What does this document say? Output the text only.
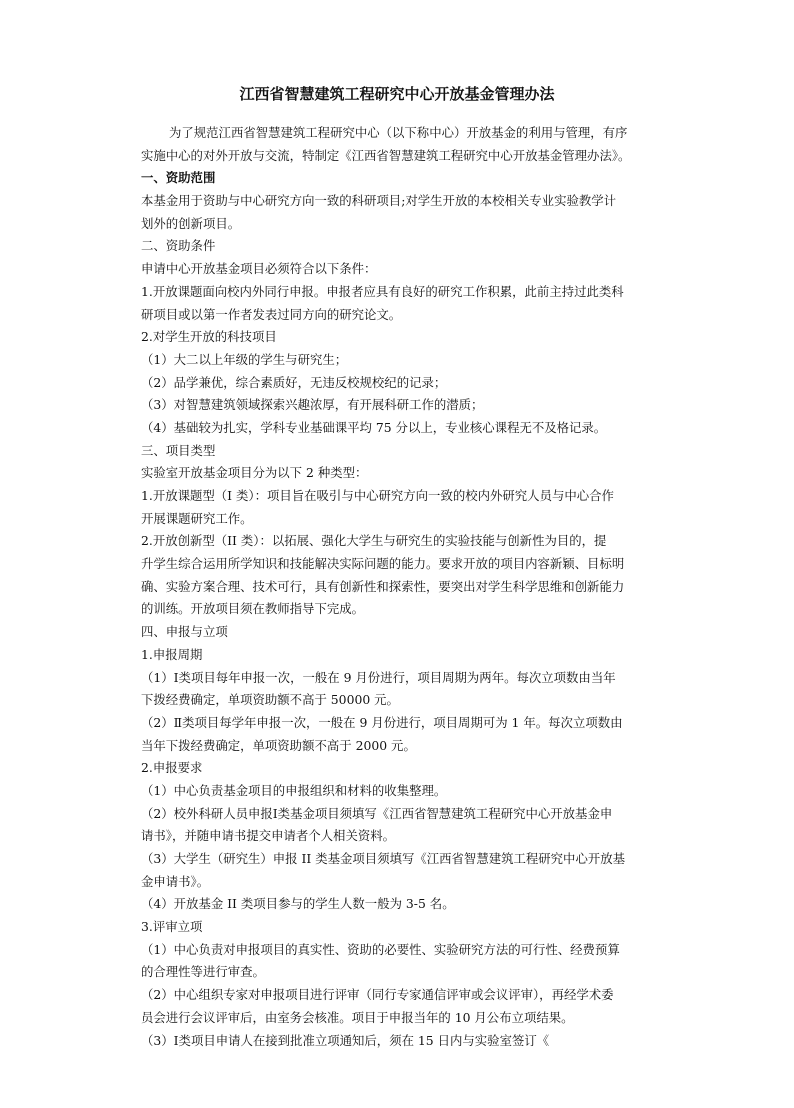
江西省智慧建筑工程研究中心开放基金管理办法
为了规范江西省智慧建筑工程研究中心（以下称中心）开放基金的利用与管理，有序
实施中心的对外开放与交流，特制定《江西省智慧建筑工程研究中心开放基金管理办法》。
一、资助范围
本基金用于资助与中心研究方向一致的科研项目;对学生开放的本校相关专业实验教学计
划外的创新项目。
二、资助条件
申请中心开放基金项目必须符合以下条件：
1.开放课题面向校内外同行申报。申报者应具有良好的研究工作积累，此前主持过此类科
研项目或以第一作者发表过同方向的研究论文。
2.对学生开放的科技项目
（1）大二以上年级的学生与研究生；
（2）品学兼优，综合素质好，无违反校规校纪的记录；
（3）对智慧建筑领域探索兴趣浓厚，有开展科研工作的潜质；
（4）基础较为扎实，学科专业基础课平均 75 分以上，专业核心课程无不及格记录。
三、项目类型
实验室开放基金项目分为以下 2 种类型：
1.开放课题型（I 类）：项目旨在吸引与中心研究方向一致的校内外研究人员与中心合作
开展课题研究工作。
2.开放创新型（II 类）：以拓展、强化大学生与研究生的实验技能与创新性为目的，提
升学生综合运用所学知识和技能解决实际问题的能力。要求开放的项目内容新颖、目标明
确、实验方案合理、技术可行，具有创新性和探索性，要突出对学生科学思维和创新能力
的训练。开放项目须在教师指导下完成。
四、申报与立项
1.申报周期
（1）Ⅰ类项目每年申报一次，一般在 9 月份进行，项目周期为两年。每次立项数由当年
下拨经费确定，单项资助额不高于 50000 元。
（2）Ⅱ类项目每学年申报一次，一般在 9 月份进行，项目周期可为 1 年。每次立项数由
当年下拨经费确定，单项资助额不高于 2000 元。
2.申报要求
（1）中心负责基金项目的申报组织和材料的收集整理。
（2）校外科研人员申报Ⅰ类基金项目须填写《江西省智慧建筑工程研究中心开放基金申
请书》，并随申请书提交申请者个人相关资料。
（3）大学生（研究生）申报 II 类基金项目须填写《江西省智慧建筑工程研究中心开放基
金申请书》。
（4）开放基金 II 类项目参与的学生人数一般为 3-5 名。
3.评审立项
（1）中心负责对申报项目的真实性、资助的必要性、实验研究方法的可行性、经费预算
的合理性等进行审查。
（2）中心组织专家对申报项目进行评审（同行专家通信评审或会议评审），再经学术委
员会进行会议评审后，由室务会核准。项目于申报当年的 10 月公布立项结果。
（3）Ⅰ类项目申请人在接到批准立项通知后，须在 15 日内与实验室签订《
